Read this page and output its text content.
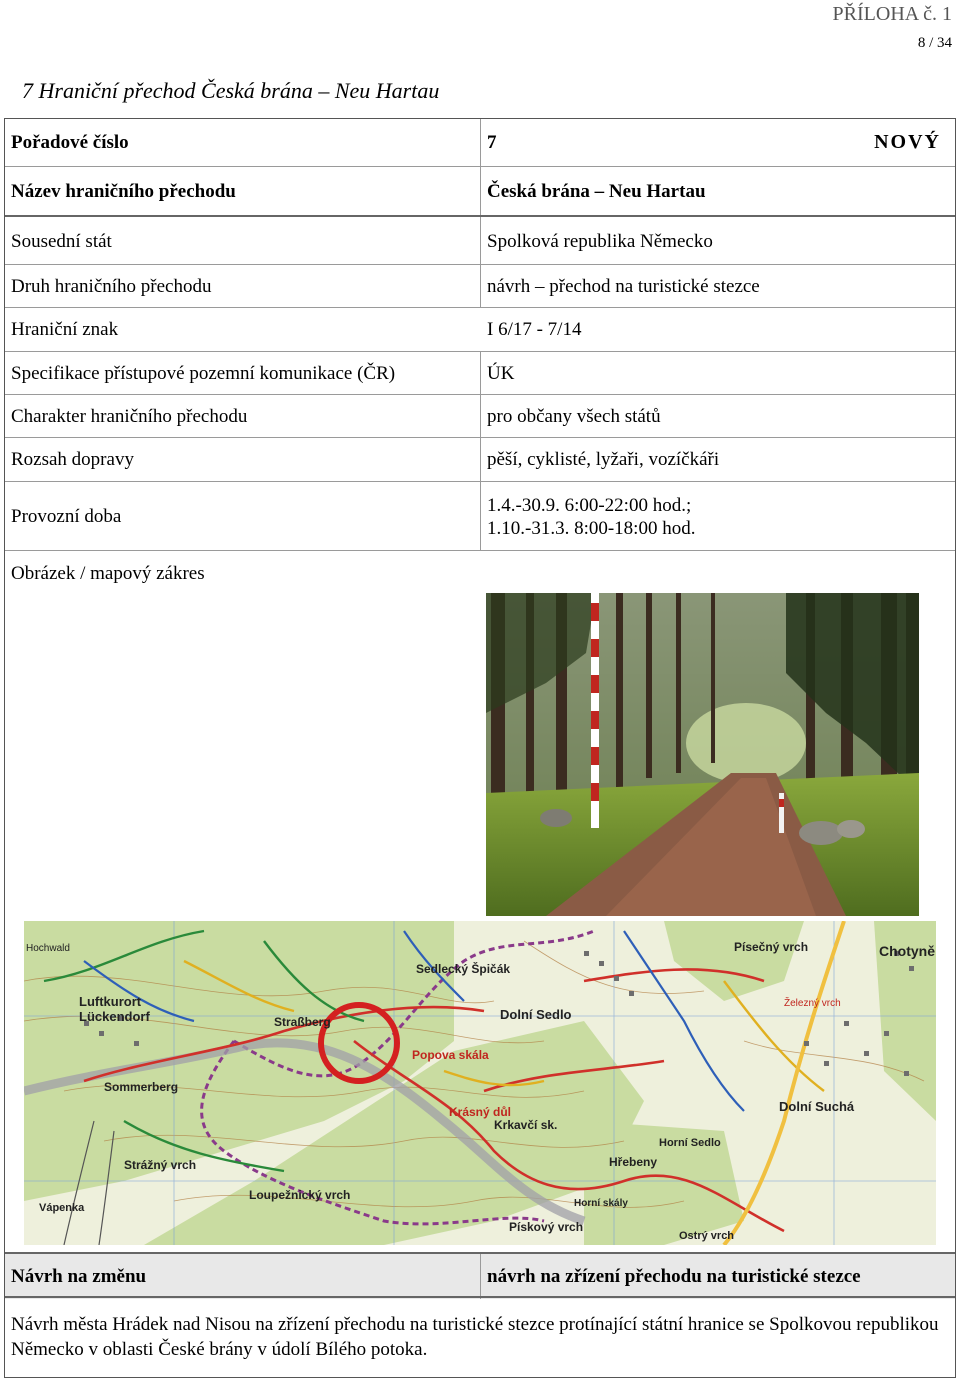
PŘÍLOHA č. 1
8 / 34
7 Hraniční přechod Česká brána – Neu Hartau
Pořadové číslo	7	NOVÝ
Název hraničního přechodu	Česká brána – Neu Hartau
Sousední stát	Spolková republika Německo
Druh hraničního přechodu	návrh – přechod na turistické stezce
Hraniční znak	I 6/17 - 7/14
Specifikace přístupové pozemní komunikace (ČR)	ÚK
Charakter hraničního přechodu	pro občany všech států
Rozsah dopravy	pěší, cyklisté, lyžaři, vozíčkáři
Provozní doba
1.4.-30.9. 6:00-22:00 hod.;
1.10.-31.3. 8:00-18:00 hod.
Obrázek / mapový zákres
Návrh na změnu	návrh na zřízení přechodu na turistické stezce
Návrh města Hrádek nad Nisou na zřízení přechodu na turistické stezce protínající státní hranice se Spolkovou republikou Německo v oblasti České brány v údolí Bílého potoka.
Luftkurort
Lückendorf
Sommerberg
Sedlecký Špičák
Dolní Sedlo
Popova skála
Krásný důl
Krkavčí sk.
Hřebeny
Horní Sedlo
Dolní Suchá
Loupežnický vrch
Strážný vrch
Pískový vrch
Písečný vrch	Chotyně
Straßberg
Vápenka	Horní skály
Ostrý vrch
Železný vrch
Hochwald
